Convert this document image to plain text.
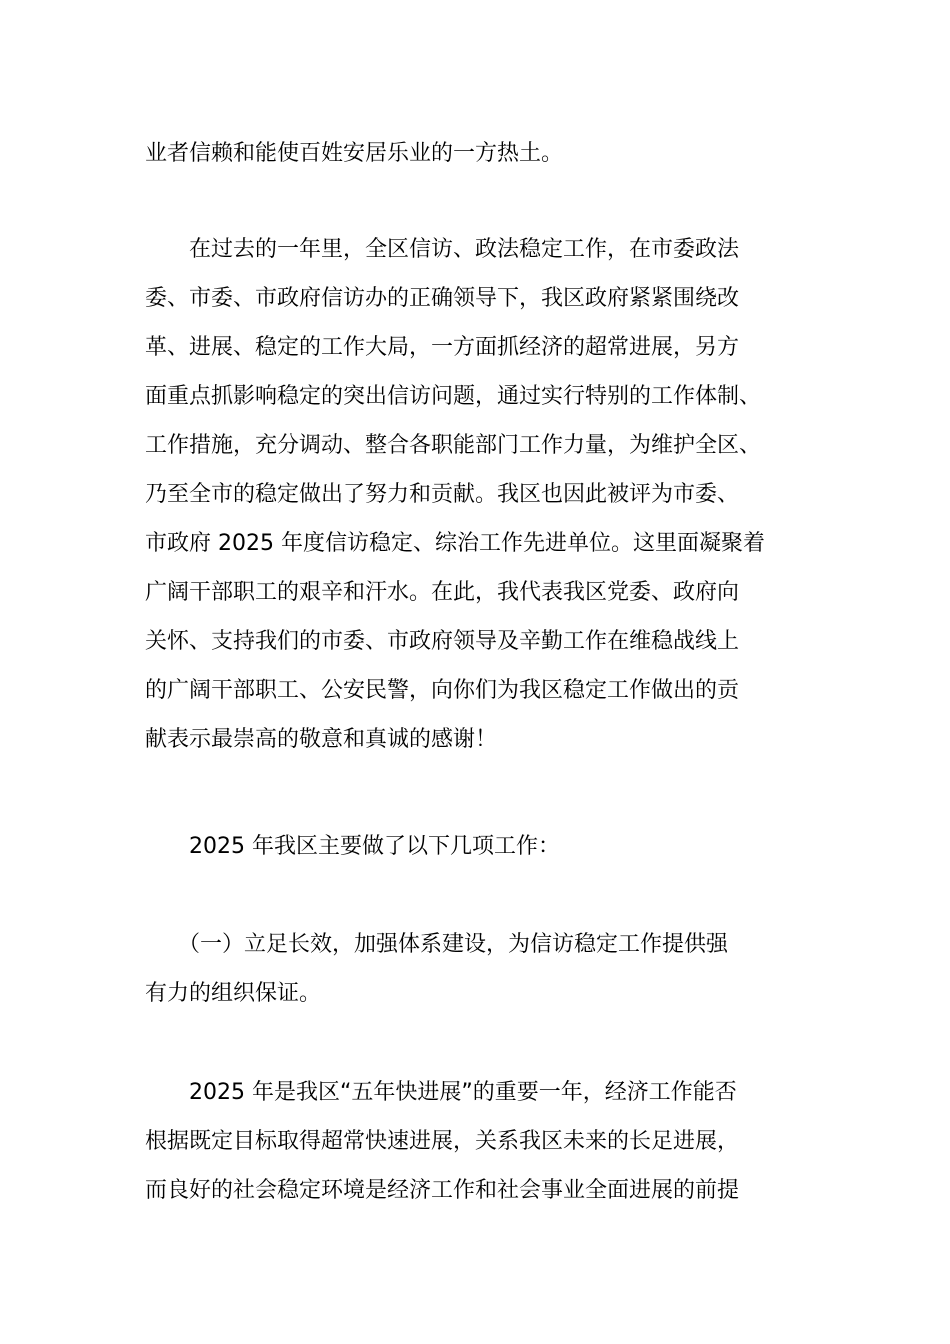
业者信赖和能使百姓安居乐业的一方热土。

　　在过去的一年里，全区信访、政法稳定工作，在市委政法
委、市委、市政府信访办的正确领导下，我区政府紧紧围绕改
革、进展、稳定的工作大局，一方面抓经济的超常进展，另方
面重点抓影响稳定的突出信访问题，通过实行特别的工作体制、
工作措施，充分调动、整合各职能部门工作力量，为维护全区、
乃至全市的稳定做出了努力和贡献。我区也因此被评为市委、
市政府 2025 年度信访稳定、综治工作先进单位。这里面凝聚着
广阔干部职工的艰辛和汗水。在此，我代表我区党委、政府向
关怀、支持我们的市委、市政府领导及辛勤工作在维稳战线上
的广阔干部职工、公安民警，向你们为我区稳定工作做出的贡
献表示最崇高的敬意和真诚的感谢！

　　2025 年我区主要做了以下几项工作：

　　（一）立足长效，加强体系建设，为信访稳定工作提供强
有力的组织保证。

　　2025 年是我区“五年快进展”的重要一年，经济工作能否
根据既定目标取得超常快速进展，关系我区未来的长足进展，
而良好的社会稳定环境是经济工作和社会事业全面进展的前提
